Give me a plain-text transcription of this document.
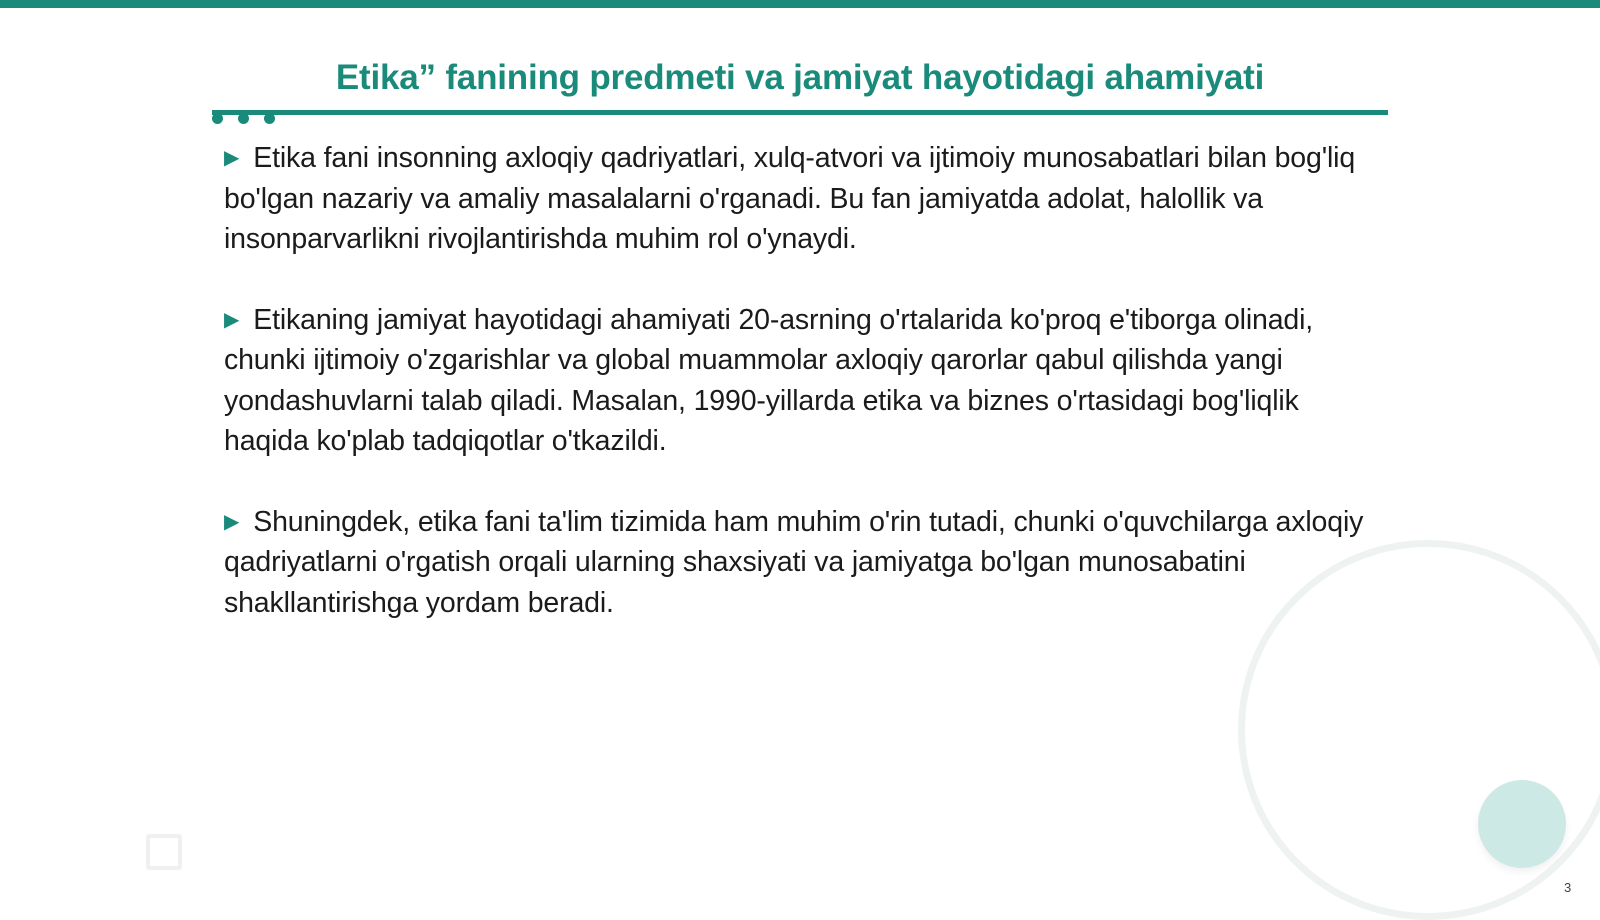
Etika” fanining predmeti va jamiyat hayotidagi ahamiyati

▶ Etika fani insonning axloqiy qadriyatlari, xulq-atvori va ijtimoiy munosabatlari bilan bog'liq bo'lgan nazariy va amaliy masalalarni o'rganadi. Bu fan jamiyatda adolat, halollik va insonparvarlikni rivojlantirishda muhim rol o'ynaydi.

▶ Etikaning jamiyat hayotidagi ahamiyati 20-asrning o'rtalarida ko'proq e'tiborga olinadi, chunki ijtimoiy o'zgarishlar va global muammolar axloqiy qarorlar qabul qilishda yangi yondashuvlarni talab qiladi. Masalan, 1990-yillarda etika va biznes o'rtasidagi bog'liqlik haqida ko'plab tadqiqotlar o'tkazildi.

▶ Shuningdek, etika fani ta'lim tizimida ham muhim o'rin tutadi, chunki o'quvchilarga axloqiy qadriyatlarni o'rgatish orqali ularning shaxsiyati va jamiyatga bo'lgan munosabatini shakllantirishga yordam beradi.

3
